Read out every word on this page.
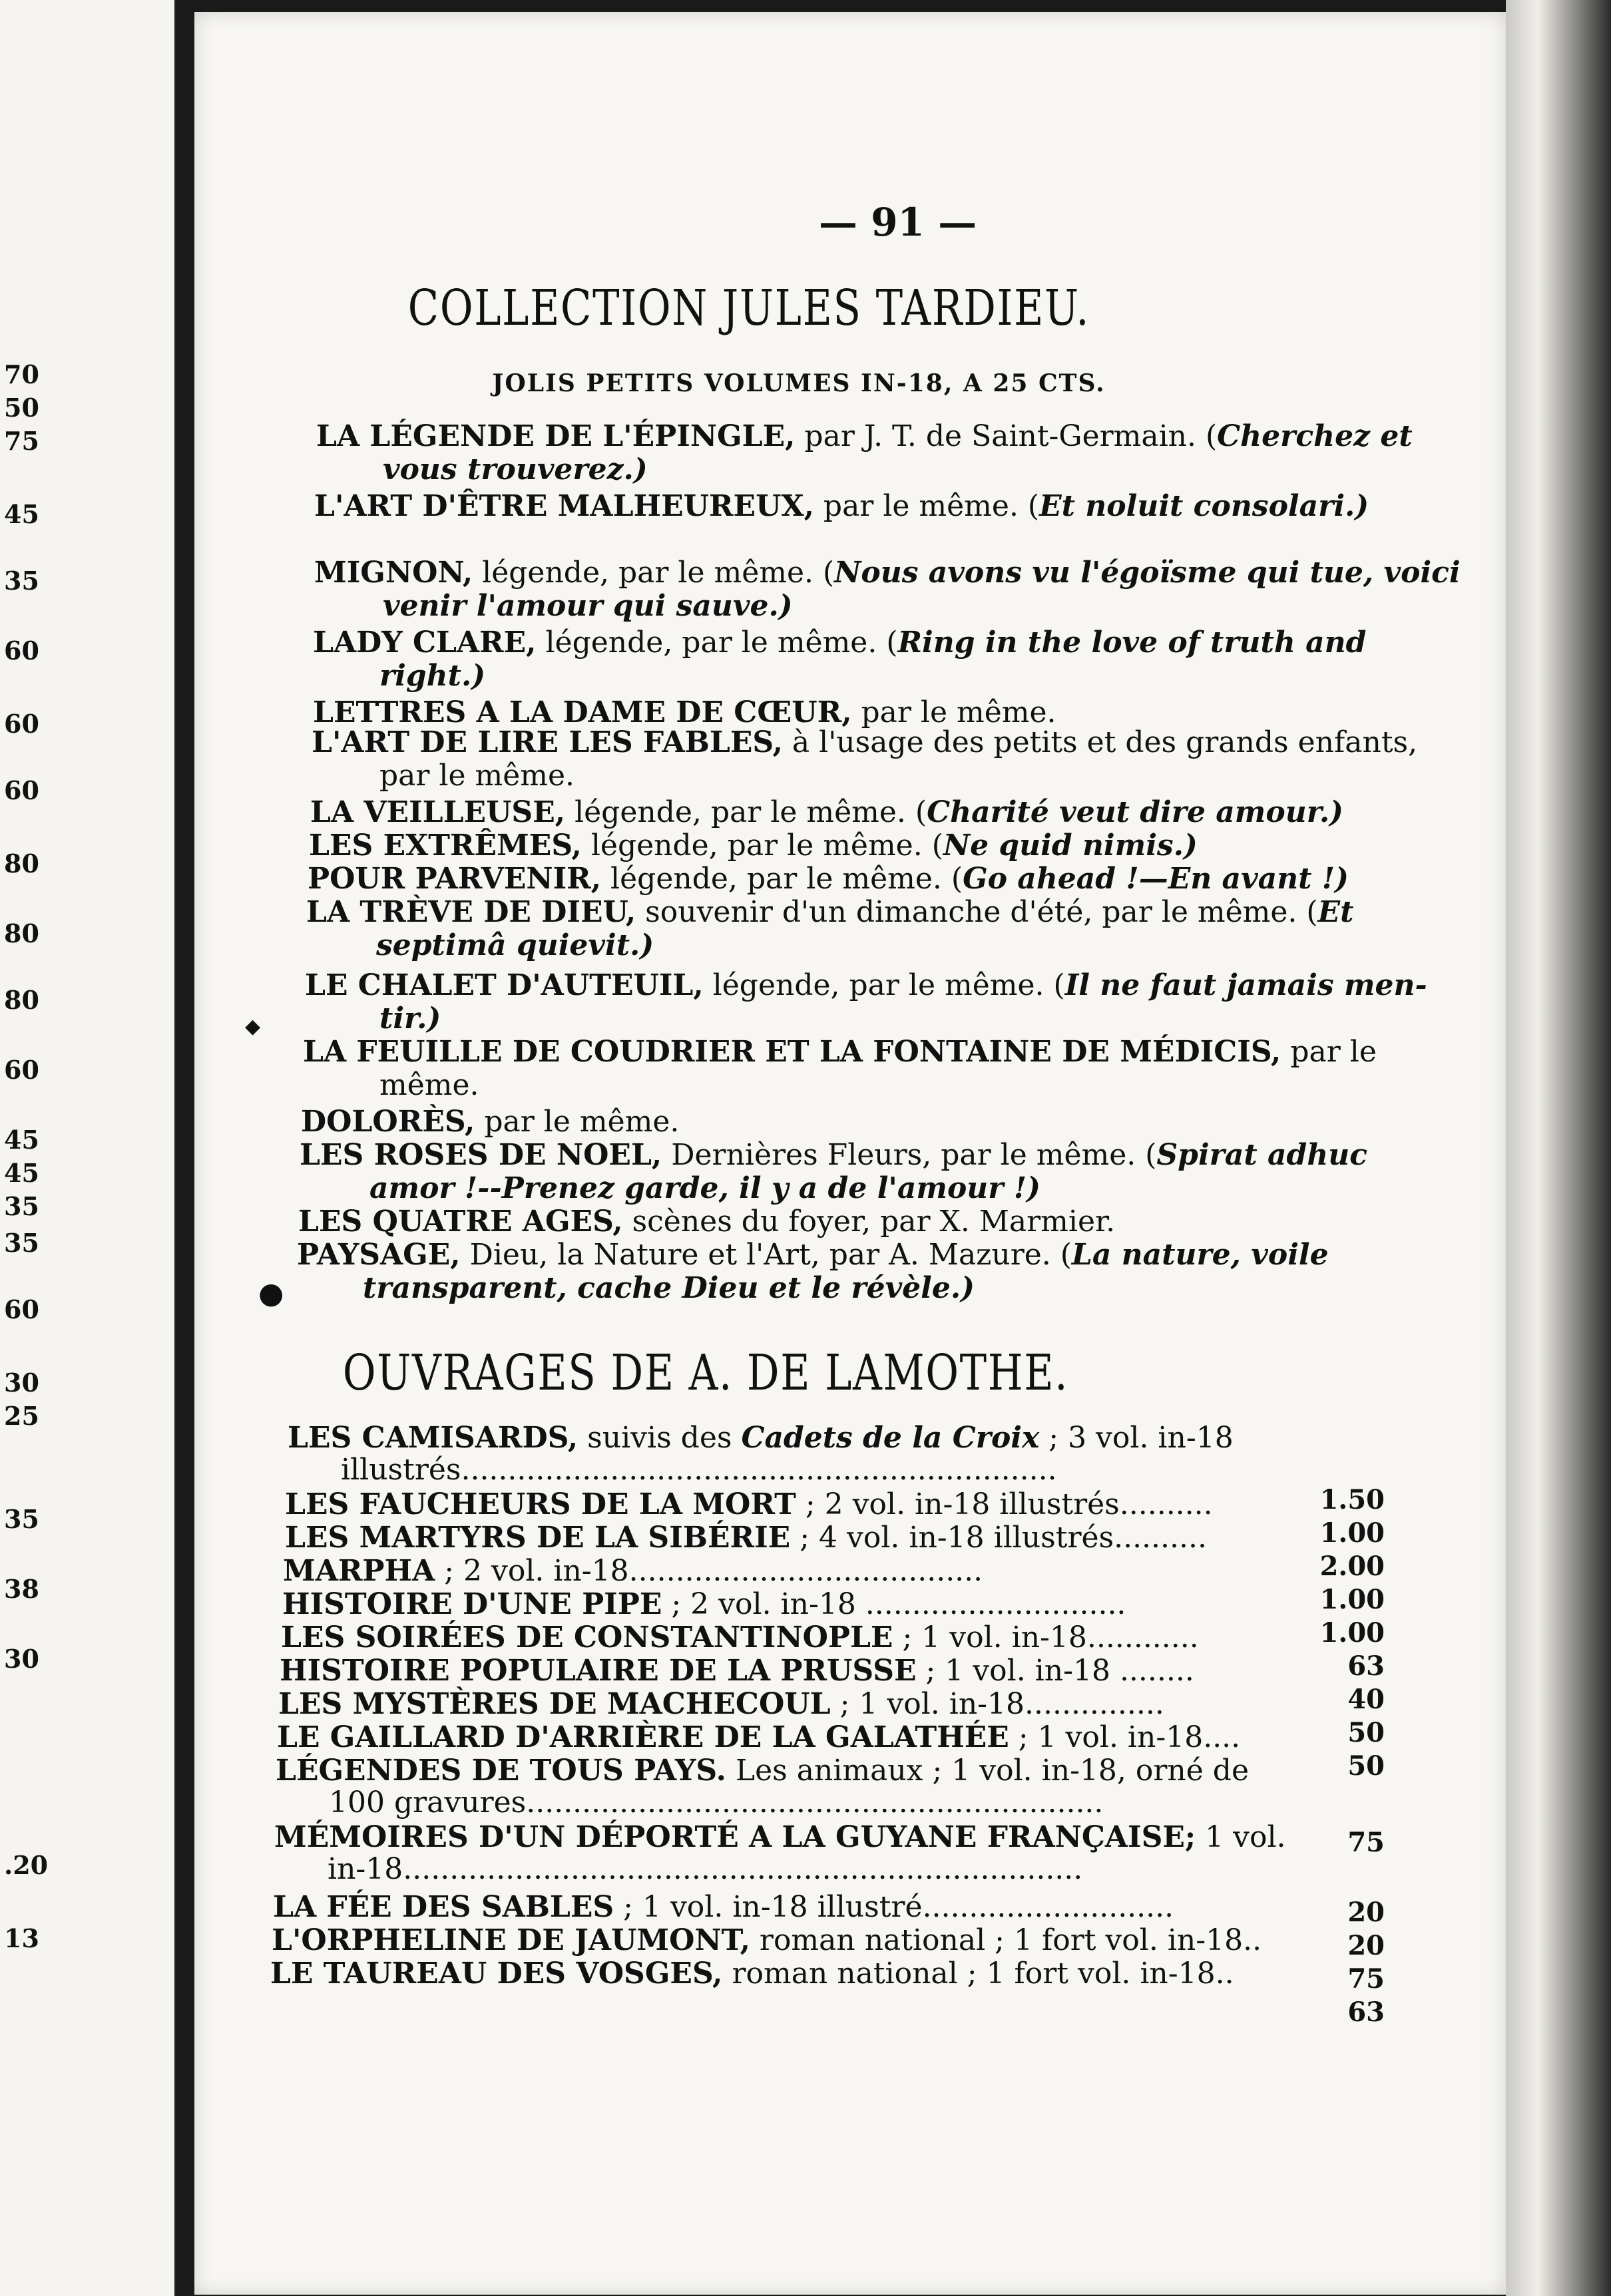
70
50
75
45
35
60
60
60
80
80
80
60
45
45
35
35
60
30
25
35
38
30
.20
13
— 91 —
COLLECTION JULES TARDIEU.
JOLIS PETITS VOLUMES IN-18, A 25 CTS.
LA LÉGENDE DE L'ÉPINGLE, par J. T. de Saint-Germain. (Cherchez et
vous trouverez.)
L'ART D'ÊTRE MALHEUREUX, par le même. (Et noluit consolari.)
MIGNON, légende, par le même. (Nous avons vu l'égoïsme qui tue, voici
venir l'amour qui sauve.)
LADY CLARE, légende, par le même. (Ring in the love of truth and
right.)
LETTRES A LA DAME DE CŒUR, par le même.
L'ART DE LIRE LES FABLES, à l'usage des petits et des grands enfants,
par le même.
LA VEILLEUSE, légende, par le même. (Charité veut dire amour.)
LES EXTRÊMES, légende, par le même. (Ne quid nimis.)
POUR PARVENIR, légende, par le même. (Go ahead !—En avant !)
LA TRÈVE DE DIEU, souvenir d'un dimanche d'été, par le même. (Et
septimâ quievit.)
LE CHALET D'AUTEUIL, légende, par le même. (Il ne faut jamais men-
tir.)
LA FEUILLE DE COUDRIER ET LA FONTAINE DE MÉDICIS, par le
même.
DOLORÈS, par le même.
LES ROSES DE NOEL, Dernières Fleurs, par le même. (Spirat adhuc
amor !--Prenez garde, il y a de l'amour !)
LES QUATRE AGES, scènes du foyer, par X. Marmier.
PAYSAGE, Dieu, la Nature et l'Art, par A. Mazure. (La nature, voile
transparent, cache Dieu et le révèle.)
OUVRAGES DE A. DE LAMOTHE.
LES CAMISARDS, suivis des Cadets de la Croix ; 3 vol. in-18
illustrés................................................................
1.50
LES FAUCHEURS DE LA MORT ; 2 vol. in-18 illustrés..........
1.00
LES MARTYRS DE LA SIBÉRIE ; 4 vol. in-18 illustrés..........
2.00
MARPHA ; 2 vol. in-18......................................
1.00
HISTOIRE D'UNE PIPE ; 2 vol. in-18 ............................
1.00
LES SOIRÉES DE CONSTANTINOPLE ; 1 vol. in-18............
63
HISTOIRE POPULAIRE DE LA PRUSSE ; 1 vol. in-18 ........
40
LES MYSTÈRES DE MACHECOUL ; 1 vol. in-18...............
50
LE GAILLARD D'ARRIÈRE DE LA GALATHÉE ; 1 vol. in-18....
50
LÉGENDES DE TOUS PAYS. Les animaux ; 1 vol. in-18, orné de
100 gravures..............................................................
75
MÉMOIRES D'UN DÉPORTÉ A LA GUYANE FRANÇAISE; 1 vol.
in-18.........................................................................
20
LA FÉE DES SABLES ; 1 vol. in-18 illustré...........................
20
L'ORPHELINE DE JAUMONT, roman national ; 1 fort vol. in-18..
75
LE TAUREAU DES VOSGES, roman national ; 1 fort vol. in-18..
63
◆
●
